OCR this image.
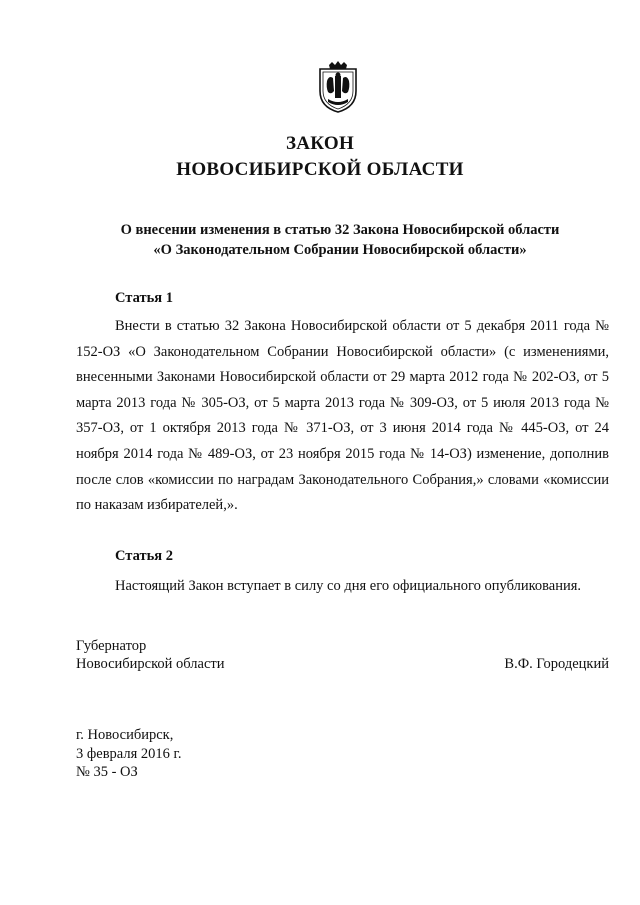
ЗАКОН
НОВОСИБИРСКОЙ ОБЛАСТИ
О внесении изменения в статью 32 Закона Новосибирской области
«О Законодательном Собрании Новосибирской области»
Статья 1
Внести в статью 32 Закона Новосибирской области от 5 декабря 2011 года № 152-ОЗ «О Законодательном Собрании Новосибирской области» (с изменениями, внесенными Законами Новосибирской области от 29 марта 2012 года № 202-ОЗ, от 5 марта 2013 года № 305-ОЗ, от 5 марта 2013 года № 309-ОЗ, от 5 июля 2013 года № 357-ОЗ, от 1 октября 2013 года № 371-ОЗ, от 3 июня 2014 года № 445-ОЗ, от 24 ноября 2014 года № 489-ОЗ, от 23 ноября 2015 года № 14-ОЗ) изменение, дополнив после слов «комиссии по наградам Законодательного Собрания,» словами «комиссии по наказам избирателей,».
Статья 2
Настоящий Закон вступает в силу со дня его официального опубликования.
Губернатор
Новосибирской области	В.Ф. Городецкий
г. Новосибирск,
3 февраля 2016 г.
№ 35 - ОЗ
